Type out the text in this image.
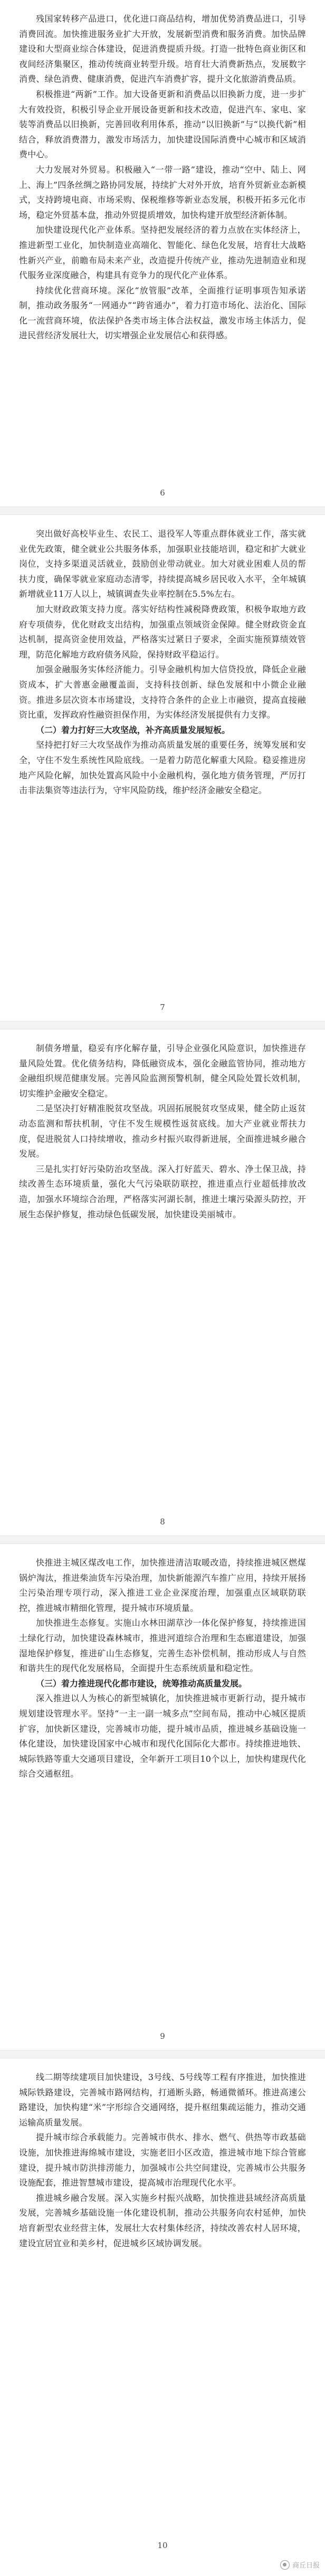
残国家转移产品进口，优化进口商品结构，增加优势消费品进口，引导消费回流。加快推进服务业扩大开放，发展新型消费和服务消费。加快品牌建设和大型商业综合体建设，促进消费提质升级。打造一批特色商业街区和夜间经济集聚区，推动传统商业转型升级。培育壮大消费新热点，发展数字消费、绿色消费、健康消费，促进汽车消费扩容，提升文化旅游消费品质。

积极推进“两新”工作。加大设备更新和消费品以旧换新力度，进一步扩大有效投资，积极引导企业开展设备更新和技术改造，促进汽车、家电、家装等消费品以旧换新，完善回收利用体系，推动“以旧换新”与“以换代新”相结合，释放消费潜力，激发市场活力，加快建设国际消费中心城市和区域消费中心。

大力发展对外贸易。积极融入“一带一路”建设，推动“空中、陆上、网上、海上”四条丝绸之路协同发展，持续扩大对外开放，培育外贸新业态新模式，支持跨境电商、市场采购、保税维修等新业态发展，积极开拓多元化市场，稳定外贸基本盘，推动外贸提质增效，加快构建开放型经济新体制。

加快建设现代化产业体系。坚持把发展经济的着力点放在实体经济上，推进新型工业化，加快制造业高端化、智能化、绿色化发展，培育壮大战略性新兴产业，前瞻布局未来产业，改造提升传统产业，推动先进制造业和现代服务业深度融合，构建具有竞争力的现代化产业体系。

持续优化营商环境。深化“放管服”改革，全面推行证明事项告知承诺制，推动政务服务“一网通办”“跨省通办”，着力打造市场化、法治化、国际化一流营商环境，依法保护各类市场主体合法权益，激发市场主体活力，促进民营经济发展壮大，切实增强企业发展信心和获得感。

6

突出做好高校毕业生、农民工、退役军人等重点群体就业工作，落实就业优先政策，健全就业公共服务体系，加强职业技能培训，稳定和扩大就业岗位，支持多渠道灵活就业，鼓励创业带动就业。加大对就业困难人员的帮扶力度，确保零就业家庭动态清零，持续提高城乡居民收入水平，全年城镇新增就业11万人以上，城镇调查失业率控制在5.5%左右。

加大财政政策支持力度。落实好结构性减税降费政策，积极争取地方政府专项债券，优化财政支出结构，加强重点领域资金保障。健全财政资金直达机制，提高资金使用效益，严格落实过紧日子要求，全面实施预算绩效管理，防范化解地方政府债务风险，保持财政平稳运行。

加强金融服务实体经济能力。引导金融机构加大信贷投放，降低企业融资成本，扩大普惠金融覆盖面，支持科技创新、绿色发展和中小微企业融资。推进多层次资本市场建设，支持符合条件的企业上市融资，提高直接融资比重，发挥政府性融资担保作用，为实体经济发展提供有力支撑。

（二）着力打好三大攻坚战，补齐高质量发展短板。

坚持把打好三大攻坚战作为推动高质量发展的重要任务，统筹发展和安全，守住不发生系统性风险底线。一是着力防范化解重大风险。稳妥推进房地产风险化解，加快处置高风险中小金融机构，强化地方债务管理，严厉打击非法集资等违法行为，守牢风险防线，维护经济金融安全稳定。

7

制债务增量，稳妥有序化解存量，引导企业强化风险意识，加快推进存量风险处置。优化债务结构，降低融资成本，强化金融监管协同，推动地方金融组织规范健康发展。完善风险监测预警机制，健全风险处置长效机制，切实维护金融安全稳定。

二是坚决打好精准脱贫攻坚战。巩固拓展脱贫攻坚成果，健全防止返贫动态监测和帮扶机制，守住不发生规模性返贫底线。加大产业就业帮扶力度，促进脱贫人口持续增收，推动乡村振兴取得新进展，全面推进城乡融合发展。

三是扎实打好污染防治攻坚战。深入打好蓝天、碧水、净土保卫战，持续改善生态环境质量，强化大气污染联防联控，推进重点行业超低排放改造，加强水环境综合治理，严格落实河湖长制，推进土壤污染源头防控，开展生态保护修复，推动绿色低碳发展，加快建设美丽城市。

8

快推进主城区煤改电工作，加快推进清洁取暖改造，持续推进城区燃煤锅炉淘汰，推进柴油货车污染治理，加快新能源汽车推广应用，持续开展扬尘污染治理专项行动，深入推进工业企业深度治理，加强重点区域联防联控，推进城市精细化管理，提升城市环境质量。

加快推进生态修复。实施山水林田湖草沙一体化保护修复，持续推进国土绿化行动，加快建设森林城市，推进河道综合治理和生态廊道建设，加强湿地保护修复，推进矿山生态修复，完善生态补偿机制，推动形成人与自然和谐共生的现代化发展格局，全面提升生态系统质量和稳定性。

（三）着力推进现代化都市建设，统筹推动高质量发展。

深入推进以人为核心的新型城镇化，加快推进城市更新行动，提升城市规划建设管理水平。坚持“一主一副一城多点”空间布局，推动中心城区提质扩容，加快新区建设，完善城市功能，提升城市品质，推进城乡基础设施一体化建设，加快建设国家中心城市和现代化国际化大都市。持续推进地铁、城际铁路等重大交通项目建设，全年新开工项目10个以上，加快构建现代化综合交通枢纽。

9

线二期等续建项目加快建设，3号线、5号线等工程有序推进，加快推进城际铁路建设，完善城市路网结构，打通断头路，畅通微循环。推进高速公路建设，加快构建“米”字形综合交通网络，提升枢纽集疏运能力，推动交通运输高质量发展。

提升城市综合承载能力。完善城市供水、排水、燃气、供热等市政基础设施，加快推进海绵城市建设，实施老旧小区改造，推进城市地下综合管廊建设，提升城市防洪排涝能力，加强城市公共空间建设，完善城市公共服务设施配套，推进智慧城市建设，提高城市治理现代化水平。

推进城乡融合发展。深入实施乡村振兴战略，加快推进县域经济高质量发展，完善城乡基础设施一体化建设机制，推动公共服务向农村延伸，加快培育新型农业经营主体，发展壮大农村集体经济，持续改善农村人居环境，建设宜居宜业和美乡村，促进城乡区域协调发展。

10
商丘日报
